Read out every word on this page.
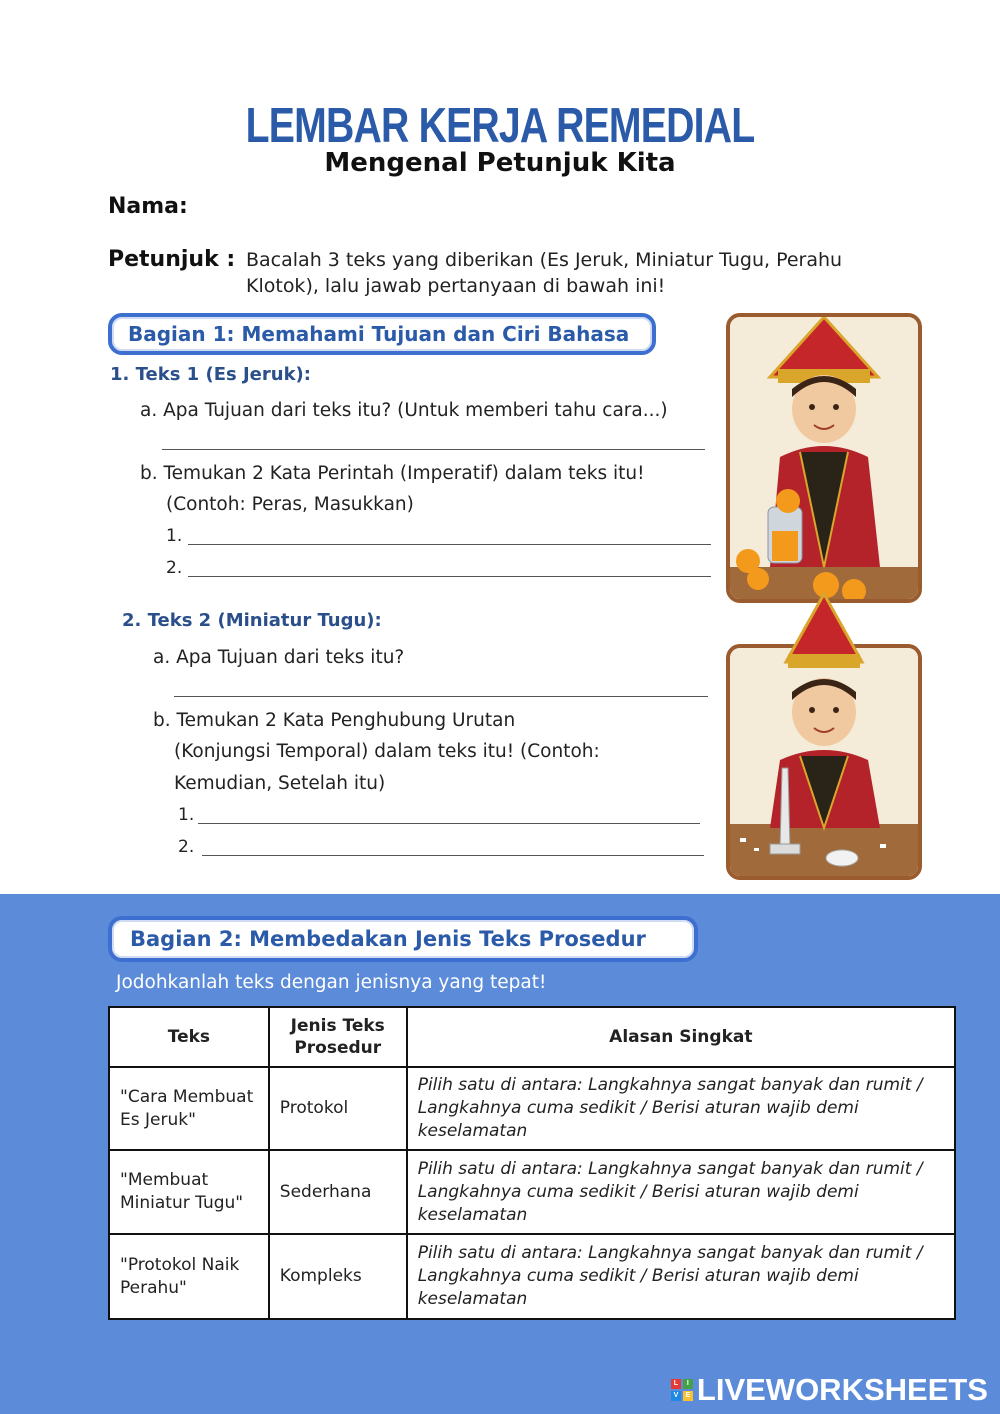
LEMBAR KERJA REMEDIAL
Mengenal Petunjuk Kita
Nama:
Petunjuk : Bacalah 3 teks yang diberikan (Es Jeruk, Miniatur Tugu, Perahu Klotok), lalu jawab pertanyaan di bawah ini!
Bagian 1: Memahami Tujuan dan Ciri Bahasa
1. Teks 1 (Es Jeruk):
a. Apa Tujuan dari teks itu? (Untuk memberi tahu cara...)
b. Temukan 2 Kata Perintah (Imperatif) dalam teks itu!
(Contoh: Peras, Masukkan)
1.
2.
2. Teks 2 (Miniatur Tugu):
a. Apa Tujuan dari teks itu?
b. Temukan 2 Kata Penghubung Urutan
(Konjungsi Temporal) dalam teks itu! (Contoh:
Kemudian, Setelah itu)
1.
2.
Bagian 2: Membedakan Jenis Teks Prosedur
Jodohkanlah teks dengan jenisnya yang tepat!
Teks	Jenis Teks Prosedur	Alasan Singkat
"Cara Membuat Es Jeruk"	Protokol	Pilih satu di antara: Langkahnya sangat banyak dan rumit / Langkahnya cuma sedikit / Berisi aturan wajib demi keselamatan
"Membuat Miniatur Tugu"	Sederhana	Pilih satu di antara: Langkahnya sangat banyak dan rumit / Langkahnya cuma sedikit / Berisi aturan wajib demi keselamatan
"Protokol Naik Perahu"	Kompleks	Pilih satu di antara: Langkahnya sangat banyak dan rumit / Langkahnya cuma sedikit / Berisi aturan wajib demi keselamatan
L	I
V	E LIVEWORKSHEETS
